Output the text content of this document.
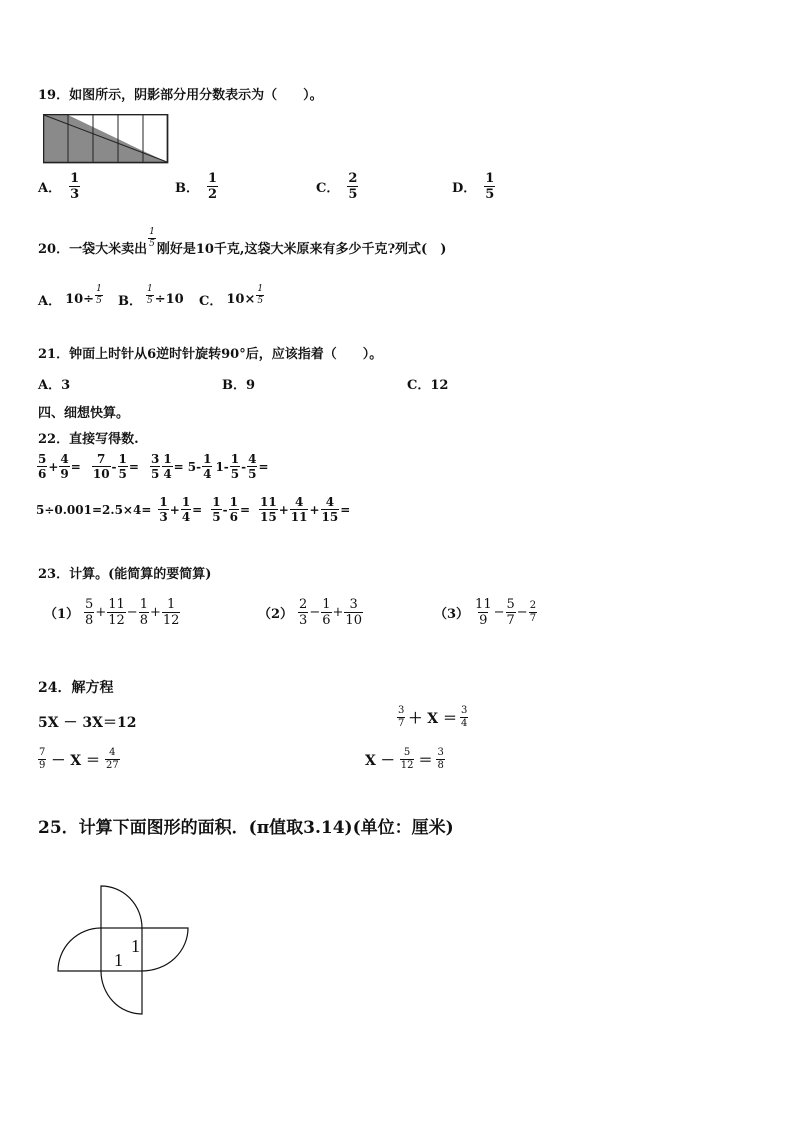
19．如图所示，阴影部分用分数表示为（　　）。
A． $\frac{1}{3}$	B． $\frac{1}{2}$	C． $\frac{2}{5}$	D． $\frac{1}{5}$
20．一袋大米卖出
$\frac{1}{5}$
刚好是10千克,这袋大米原来有多少千克?列式(　)
A． $10\div \frac{1}{5}$ B． $\frac{1}{5} \div 10$ C． $10\times \frac{1}{5}$
21．钟面上时针从6逆时针旋转90°后，应该指着（　　）。
A．3	B．9	C．12
四、细想快算。
22．直接写得数.
$\frac{5}{6} + \frac{4}{9} = \frac{7}{10} - \frac{1}{5} = \frac{3}{5} \frac{1}{4} = 5- \frac{1}{4} 1- \frac{1}{5} - \frac{4}{5}$ =
$5\div 0.001= 2.5\times 4= \frac{1}{3} + \frac{1}{4} = \frac{1}{5} - \frac{1}{6} = \frac{11}{15} + \frac{4}{11} + \frac{4}{15}$ =
23．计算。(能简算的要简算)
$(1) \frac{5}{8} + \frac{11}{12} - \frac{1}{8} + \frac{1}{12}$	$(2) \frac{2}{3} - \frac{1}{6} + \frac{3}{10}$	$(3) \frac{11}{9} - \frac{5}{7} - \frac{2}{7}$
24．解方程
5X － 3X＝12	$\frac{3}{7} + X = \frac{3}{4}$
$\frac{7}{9} - X = \frac{4}{27}$	$X - \frac{5}{12} = \frac{3}{8}$
25．计算下面图形的面积．(π值取3.14)(单位：厘米)
1
1
